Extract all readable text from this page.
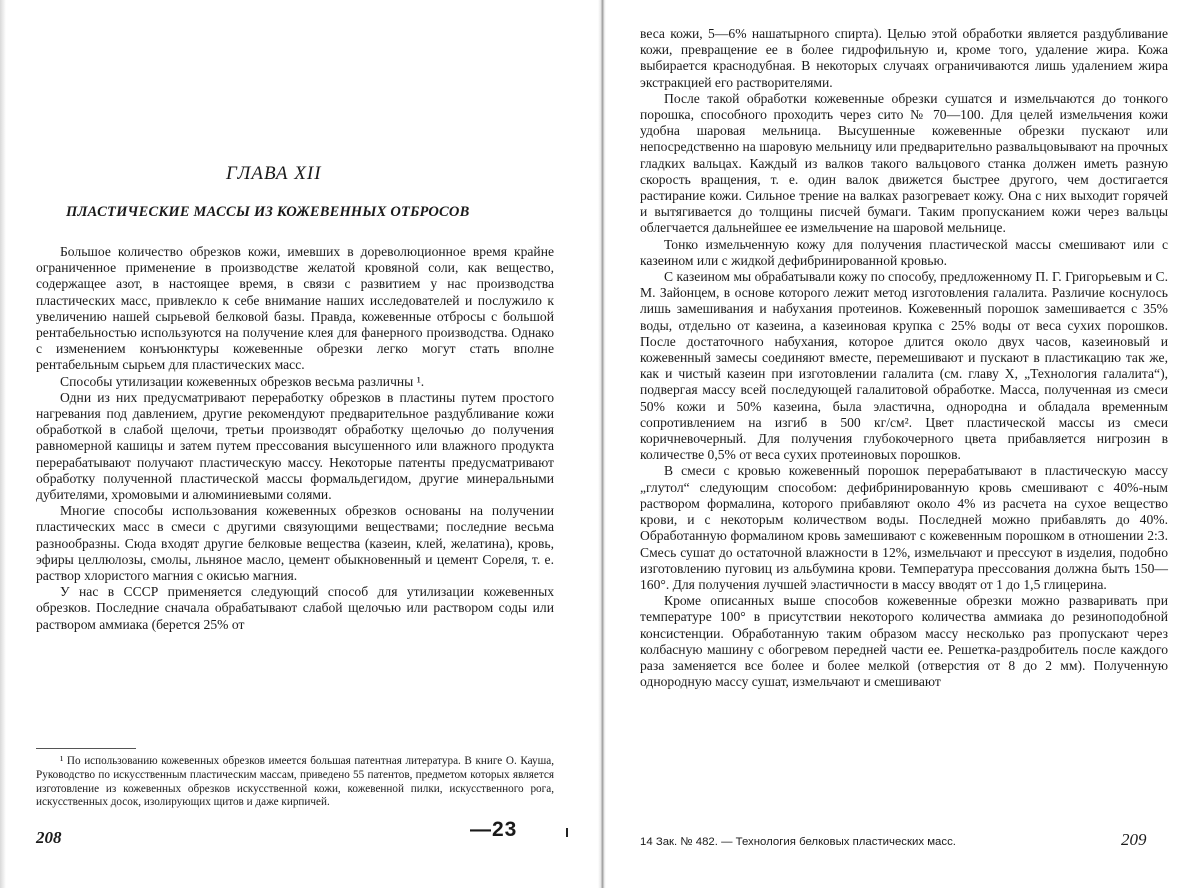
ГЛАВА XII
ПЛАСТИЧЕСКИЕ МАССЫ ИЗ КОЖЕВЕННЫХ ОТБРОСОВ

Большое количество обрезков кожи, имевших в дореволюционное время крайне ограниченное применение в производстве желатой кровяной соли, как вещество, содержащее азот, в настоящее время, в связи с развитием у нас производства пластических масс, привлекло к себе внимание наших исследователей и послужило к увеличению нашей сырьевой белковой базы. Правда, кожевенные отбросы с большой рентабельностью используются на получение клея для фанерного производства. Однако с изменением конъюнктуры кожевенные обрезки легко могут стать вполне рентабельным сырьем для пластических масс.

Способы утилизации кожевенных обрезков весьма различны ¹.

Одни из них предусматривают переработку обрезков в пластины путем простого нагревания под давлением, другие рекомендуют предварительное раздубливание кожи обработкой в слабой щелочи, третьи производят обработку щелочью до получения равномерной кашицы и затем путем прессования высушенного или влажного продукта перерабатывают получают пластическую массу. Некоторые патенты предусматривают обработку полученной пластической массы формальдегидом, другие минеральными дубителями, хромовыми и алюминиевыми солями.

Многие способы использования кожевенных обрезков основаны на получении пластических масс в смеси с другими связующими веществами; последние весьма разнообразны. Сюда входят другие белковые вещества (казеин, клей, желатина), кровь, эфиры целлюлозы, смолы, льняное масло, цемент обыкновенный и цемент Сореля, т. е. раствор хлористого магния с окисью магния.

У нас в СССР применяется следующий способ для утилизации кожевенных обрезков. Последние сначала обрабатывают слабой щелочью или раствором соды или раствором аммиака (берется 25% от

¹ По использованию кожевенных обрезков имеется большая патентная литература. В книге О. Кауша, Руководство по искусственным пластическим массам, приведено 55 патентов, предметом которых является изготовление из кожевенных обрезков искусственной кожи, кожевенной пилки, искусственного рога, искусственных досок, изолирующих щитов и даже кирпичей.
208	—23

веса кожи, 5—6% нашатырного спирта). Целью этой обработки является раздубливание кожи, превращение ее в более гидрофильную и, кроме того, удаление жира. Кожа выбирается краснодубная. В некоторых случаях ограничиваются лишь удалением жира экстракцией его растворителями.

После такой обработки кожевенные обрезки сушатся и измельчаются до тонкого порошка, способного проходить через сито № 70—100. Для целей измельчения кожи удобна шаровая мельница. Высушенные кожевенные обрезки пускают или непосредственно на шаровую мельницу или предварительно развальцовывают на прочных гладких вальцах. Каждый из валков такого вальцового станка должен иметь разную скорость вращения, т. е. один валок движется быстрее другого, чем достигается растирание кожи. Сильное трение на валках разогревает кожу. Она с них выходит горячей и вытягивается до толщины писчей бумаги. Таким пропусканием кожи через вальцы облегчается дальнейшее ее измельчение на шаровой мельнице.

Тонко измельченную кожу для получения пластической массы смешивают или с казеином или с жидкой дефибринированной кровью.

С казеином мы обрабатывали кожу по способу, предложенному П. Г. Григорьевым и С. М. Зайонцем, в основе которого лежит метод изготовления галалита. Различие коснулось лишь замешивания и набухания протеинов. Кожевенный порошок замешивается с 35% воды, отдельно от казеина, а казеиновая крупка с 25% воды от веса сухих порошков. После достаточного набухания, которое длится около двух часов, казеиновый и кожевенный замесы соединяют вместе, перемешивают и пускают в пластикацию так же, как и чистый казеин при изготовлении галалита (см. главу X, „Технология галалита“), подвергая массу всей последующей галалитовой обработке. Масса, полученная из смеси 50% кожи и 50% казеина, была эластична, однородна и обладала временным сопротивлением на изгиб в 500 кг/см². Цвет пластической массы из смеси коричневочерный. Для получения глубокочерного цвета прибавляется нигрозин в количестве 0,5% от веса сухих протеиновых порошков.

В смеси с кровью кожевенный порошок перерабатывают в пластическую массу „глутол“ следующим способом: дефибринированную кровь смешивают с 40%-ным раствором формалина, которого прибавляют около 4% из расчета на сухое вещество крови, и с некоторым количеством воды. Последней можно прибавлять до 40%. Обработанную формалином кровь замешивают с кожевенным порошком в отношении 2:3. Смесь сушат до остаточной влажности в 12%, измельчают и прессуют в изделия, подобно изготовлению пуговиц из альбумина крови. Температура прессования должна быть 150—160°. Для получения лучшей эластичности в массу вводят от 1 до 1,5 глицерина.

Кроме описанных выше способов кожевенные обрезки можно разваривать при температуре 100° в присутствии некоторого количества аммиака до резиноподобной консистенции. Обработанную таким образом массу несколько раз пропускают через колбасную машину с обогревом передней части ее. Решетка-раздробитель после каждого раза заменяется все более и более мелкой (отверстия от 8 до 2 мм). Полученную однородную массу сушат, измельчают и смешивают

14 Зак. № 482. — Технология белковых пластических масс.	209
